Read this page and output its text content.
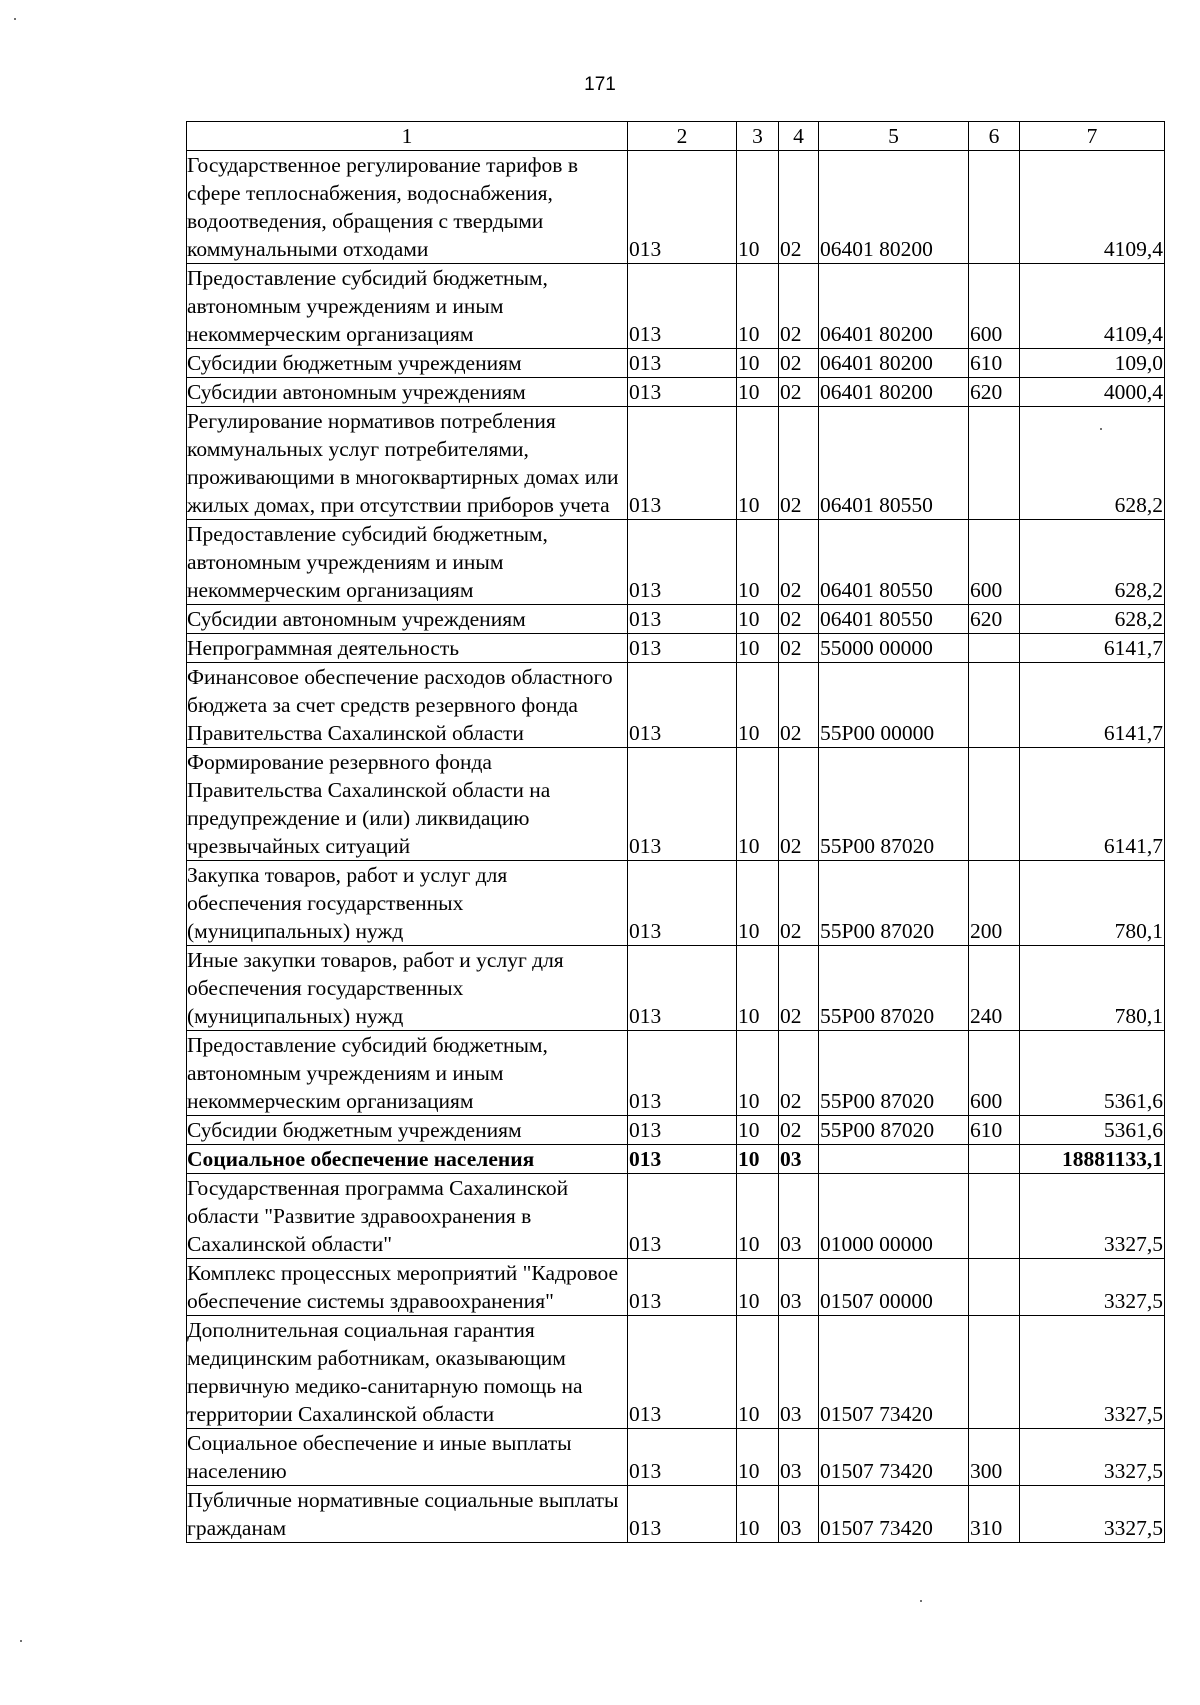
171
1	2	3	4	5	6	7
Государственное регулирование тарифов в сфере теплоснабжения, водоснабжения, водоотведения, обращения с твердыми коммунальными отходами	013	10	02	06401 80200		4109,4
Предоставление субсидий бюджетным, автономным учреждениям и иным некоммерческим организациям	013	10	02	06401 80200	600	4109,4
Субсидии бюджетным учреждениям	013	10	02	06401 80200	610	109,0
Субсидии автономным учреждениям	013	10	02	06401 80200	620	4000,4
Регулирование нормативов потребления коммунальных услуг потребителями, проживающими в многоквартирных домах или жилых домах, при отсутствии приборов учета	013	10	02	06401 80550		628,2
Предоставление субсидий бюджетным, автономным учреждениям и иным некоммерческим организациям	013	10	02	06401 80550	600	628,2
Субсидии автономным учреждениям	013	10	02	06401 80550	620	628,2
Непрограммная деятельность	013	10	02	55000 00000		6141,7
Финансовое обеспечение расходов областного бюджета за счет средств резервного фонда Правительства Сахалинской области	013	10	02	55Р00 00000		6141,7
Формирование резервного фонда Правительства Сахалинской области на предупреждение и (или) ликвидацию чрезвычайных ситуаций	013	10	02	55Р00 87020		6141,7
Закупка товаров, работ и услуг для обеспечения государственных (муниципальных) нужд	013	10	02	55Р00 87020	200	780,1
Иные закупки товаров, работ и услуг для обеспечения государственных (муниципальных) нужд	013	10	02	55Р00 87020	240	780,1
Предоставление субсидий бюджетным, автономным учреждениям и иным некоммерческим организациям	013	10	02	55Р00 87020	600	5361,6
Субсидии бюджетным учреждениям	013	10	02	55Р00 87020	610	5361,6
Социальное обеспечение населения	013	10	03			18881133,1
Государственная программа Сахалинской области "Развитие здравоохранения в Сахалинской области"	013	10	03	01000 00000		3327,5
Комплекс процессных мероприятий "Кадровое обеспечение системы здравоохранения"	013	10	03	01507 00000		3327,5
Дополнительная социальная гарантия медицинским работникам, оказывающим первичную медико-санитарную помощь на территории Сахалинской области	013	10	03	01507 73420		3327,5
Социальное обеспечение и иные выплаты населению	013	10	03	01507 73420	300	3327,5
Публичные нормативные социальные выплаты гражданам	013	10	03	01507 73420	310	3327,5
